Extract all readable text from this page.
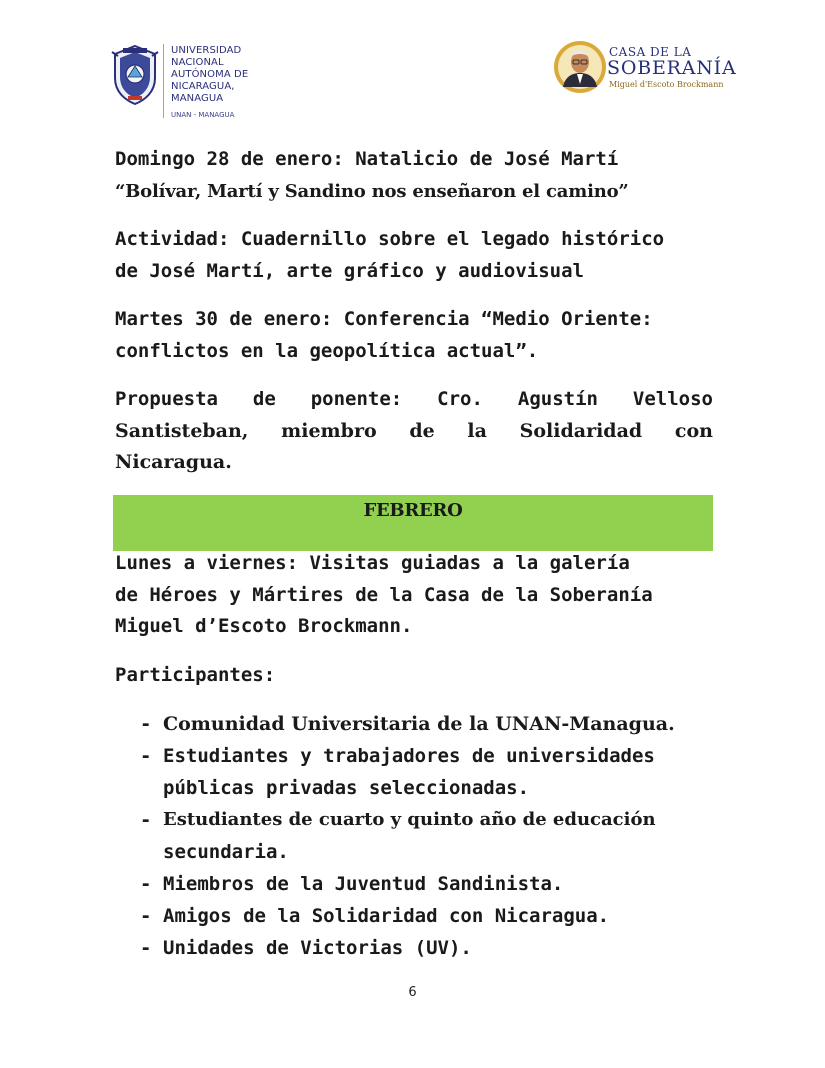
UNIVERSIDAD
NACIONAL
AUTÓNOMA DE
NICARAGUA,
MANAGUA
UNAN - MANAGUA
CASA DE LA
SOBERANÍA
Miguel d'Escoto Brockmann
Domingo 28 de enero: Natalicio de José Martí
“Bolívar, Martí y Sandino nos enseñaron el camino”
Actividad: Cuadernillo sobre el legado histórico
de José Martí, arte gráfico y audiovisual
Martes 30 de enero: Conferencia “Medio Oriente:
conflictos en la geopolítica actual”.
Propuesta de ponente: Cro. Agustín Velloso
Santisteban, miembro de la Solidaridad con
Nicaragua.
FEBRERO
Lunes a viernes: Visitas guiadas a la galería
de Héroes y Mártires de la Casa de la Soberanía
Miguel d’Escoto Brockmann.
Participantes:
- Comunidad Universitaria de la UNAN-Managua.
- Estudiantes y trabajadores de universidades
públicas privadas seleccionadas.
- Estudiantes de cuarto y quinto año de educación
secundaria.
- Miembros de la Juventud Sandinista.
- Amigos de la Solidaridad con Nicaragua.
- Unidades de Victorias (UV).
6
